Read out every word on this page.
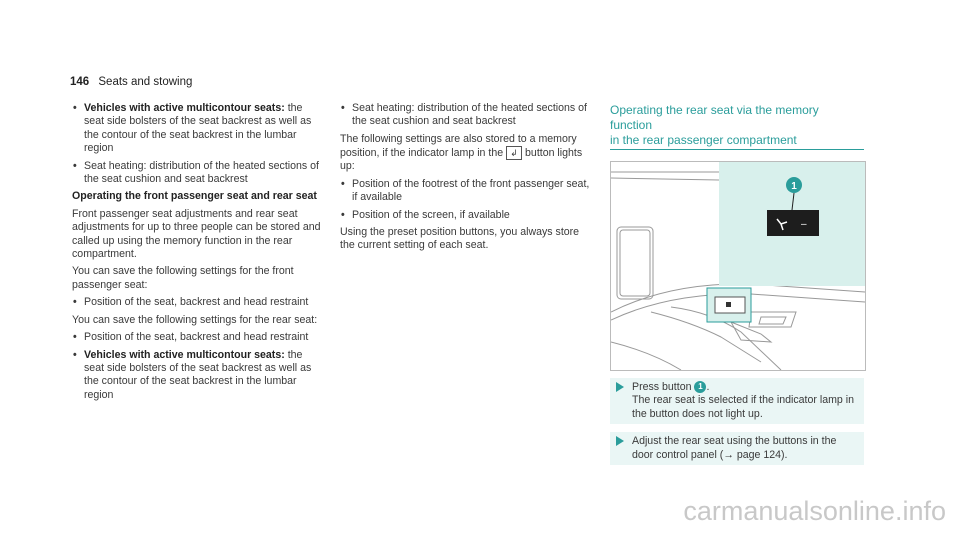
146 Seats and stowing
• Vehicles with active multicontour seats: the seat side bolsters of the seat backrest as well as the contour of the seat backrest in the lumbar region
• Seat heating: distribution of the heated sections of the seat cushion and seat backrest

Operating the front passenger seat and rear seat

Front passenger seat adjustments and rear seat adjustments for up to three people can be stored and called up using the memory function in the rear compartment.

You can save the following settings for the front passenger seat:

• Position of the seat, backrest and head restraint

You can save the following settings for the rear seat:

• Position of the seat, backrest and head restraint
• Vehicles with active multicontour seats: the seat side bolsters of the seat backrest as well as the contour of the seat backrest in the lumbar region
• Seat heating: distribution of the heated sections of the seat cushion and seat backrest

The following settings are also stored to a memory position, if the indicator lamp in the ↲ button lights up:

• Position of the footrest of the front passenger seat, if available
• Position of the screen, if available

Using the preset position buttons, you always store the current setting of each seat.

Operating the rear seat via the memory function
in the rear passenger compartment
1
–
Press button 1 .
The rear seat is selected if the indicator lamp in the button does not light up.
Adjust the rear seat using the buttons in the door control panel (→ page 124).
carmanualsonline.info
